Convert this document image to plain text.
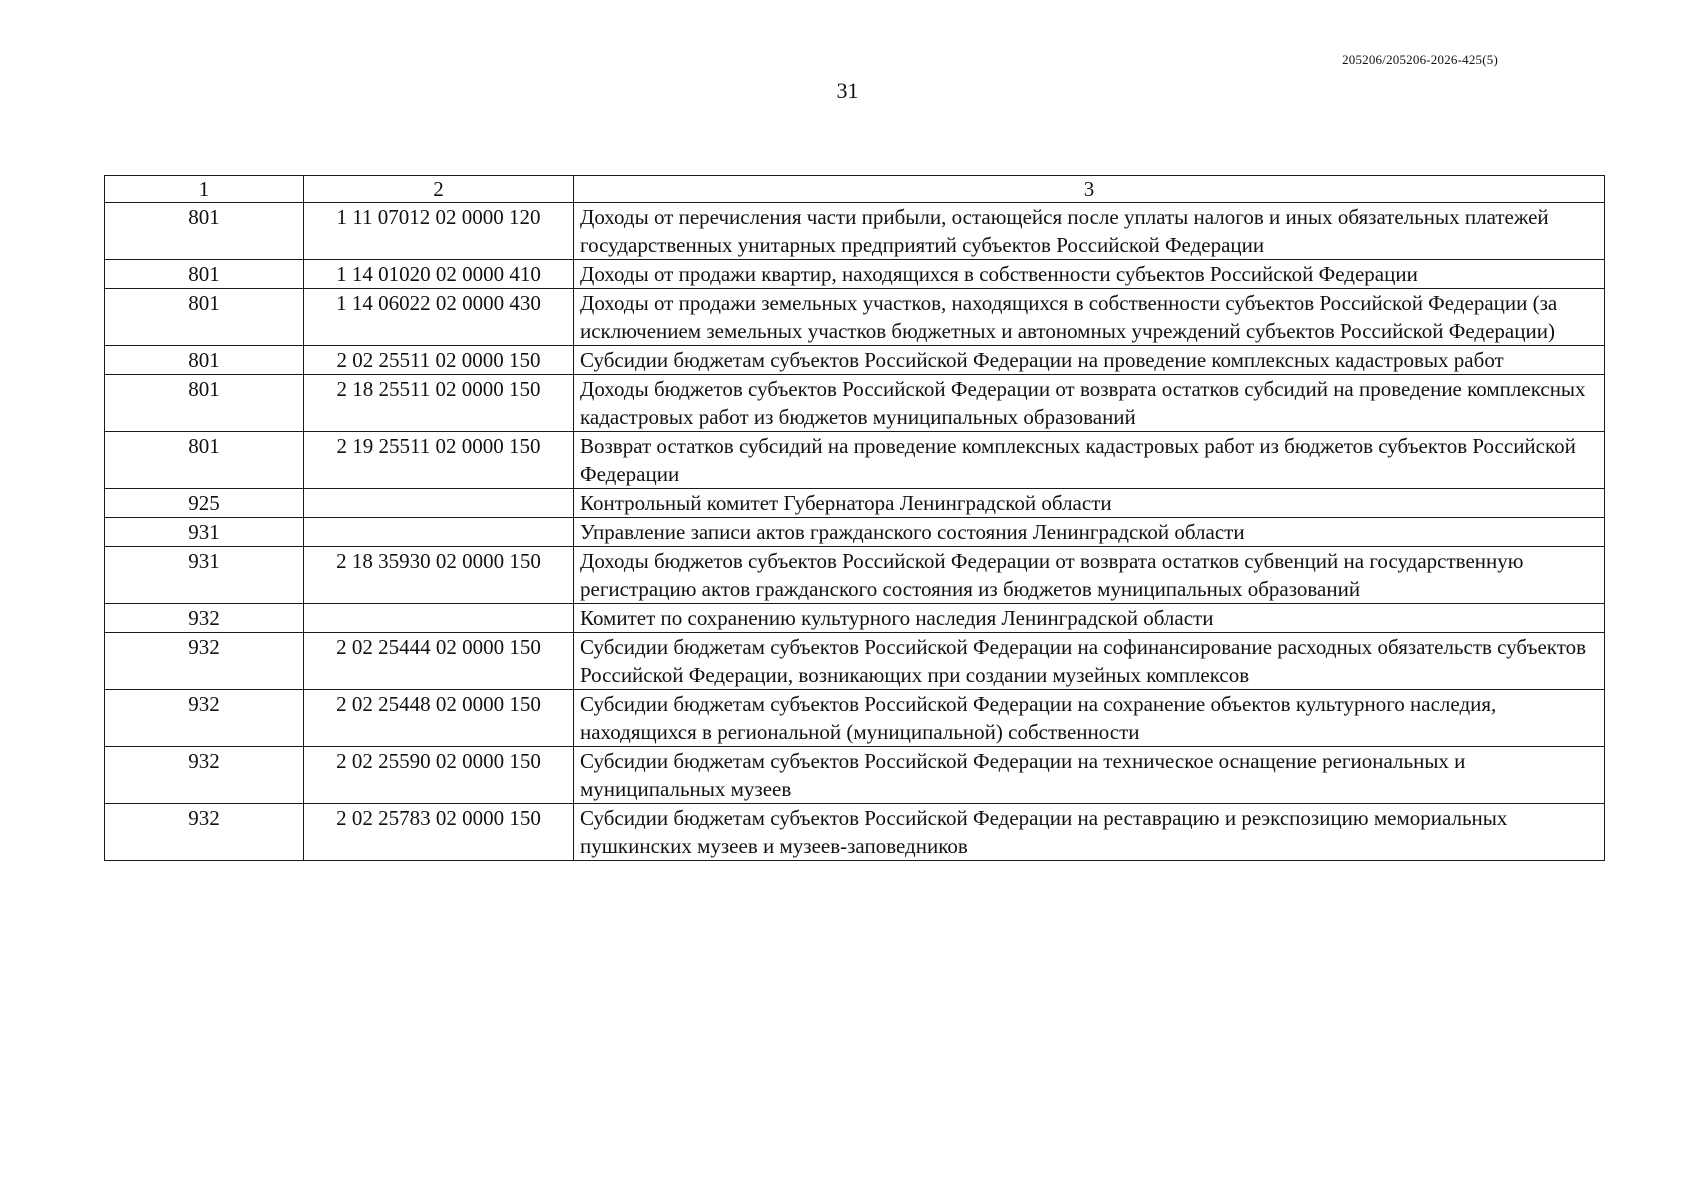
205206/205206-2026-425(5)
31
1	2	3
801	1 11 07012 02 0000 120	Доходы от перечисления части прибыли, остающейся после уплаты налогов и иных обязательных платежей государственных унитарных предприятий субъектов Российской Федерации
801	1 14 01020 02 0000 410	Доходы от продажи квартир, находящихся в собственности субъектов Российской Федерации
801	1 14 06022 02 0000 430	Доходы от продажи земельных участков, находящихся в собственности субъектов Российской Федерации (за исключением земельных участков бюджетных и автономных учреждений субъектов Российской Федерации)
801	2 02 25511 02 0000 150	Субсидии бюджетам субъектов Российской Федерации на проведение комплексных кадастровых работ
801	2 18 25511 02 0000 150	Доходы бюджетов субъектов Российской Федерации от возврата остатков субсидий на проведение комплексных кадастровых работ из бюджетов муниципальных образований
801	2 19 25511 02 0000 150	Возврат остатков субсидий на проведение комплексных кадастровых работ из бюджетов субъектов Российской Федерации
925		Контрольный комитет Губернатора Ленинградской области
931		Управление записи актов гражданского состояния Ленинградской области
931	2 18 35930 02 0000 150	Доходы бюджетов субъектов Российской Федерации от возврата остатков субвенций на государственную регистрацию актов гражданского состояния из бюджетов муниципальных образований
932		Комитет по сохранению культурного наследия Ленинградской области
932	2 02 25444 02 0000 150	Субсидии бюджетам субъектов Российской Федерации на софинансирование расходных обязательств субъектов Российской Федерации, возникающих при создании музейных комплексов
932	2 02 25448 02 0000 150	Субсидии бюджетам субъектов Российской Федерации на сохранение объектов культурного наследия, находящихся в региональной (муниципальной) собственности
932	2 02 25590 02 0000 150	Субсидии бюджетам субъектов Российской Федерации на техническое оснащение региональных и муниципальных музеев
932	2 02 25783 02 0000 150	Субсидии бюджетам субъектов Российской Федерации на реставрацию и реэкспозицию мемориальных пушкинских музеев и музеев-заповедников
